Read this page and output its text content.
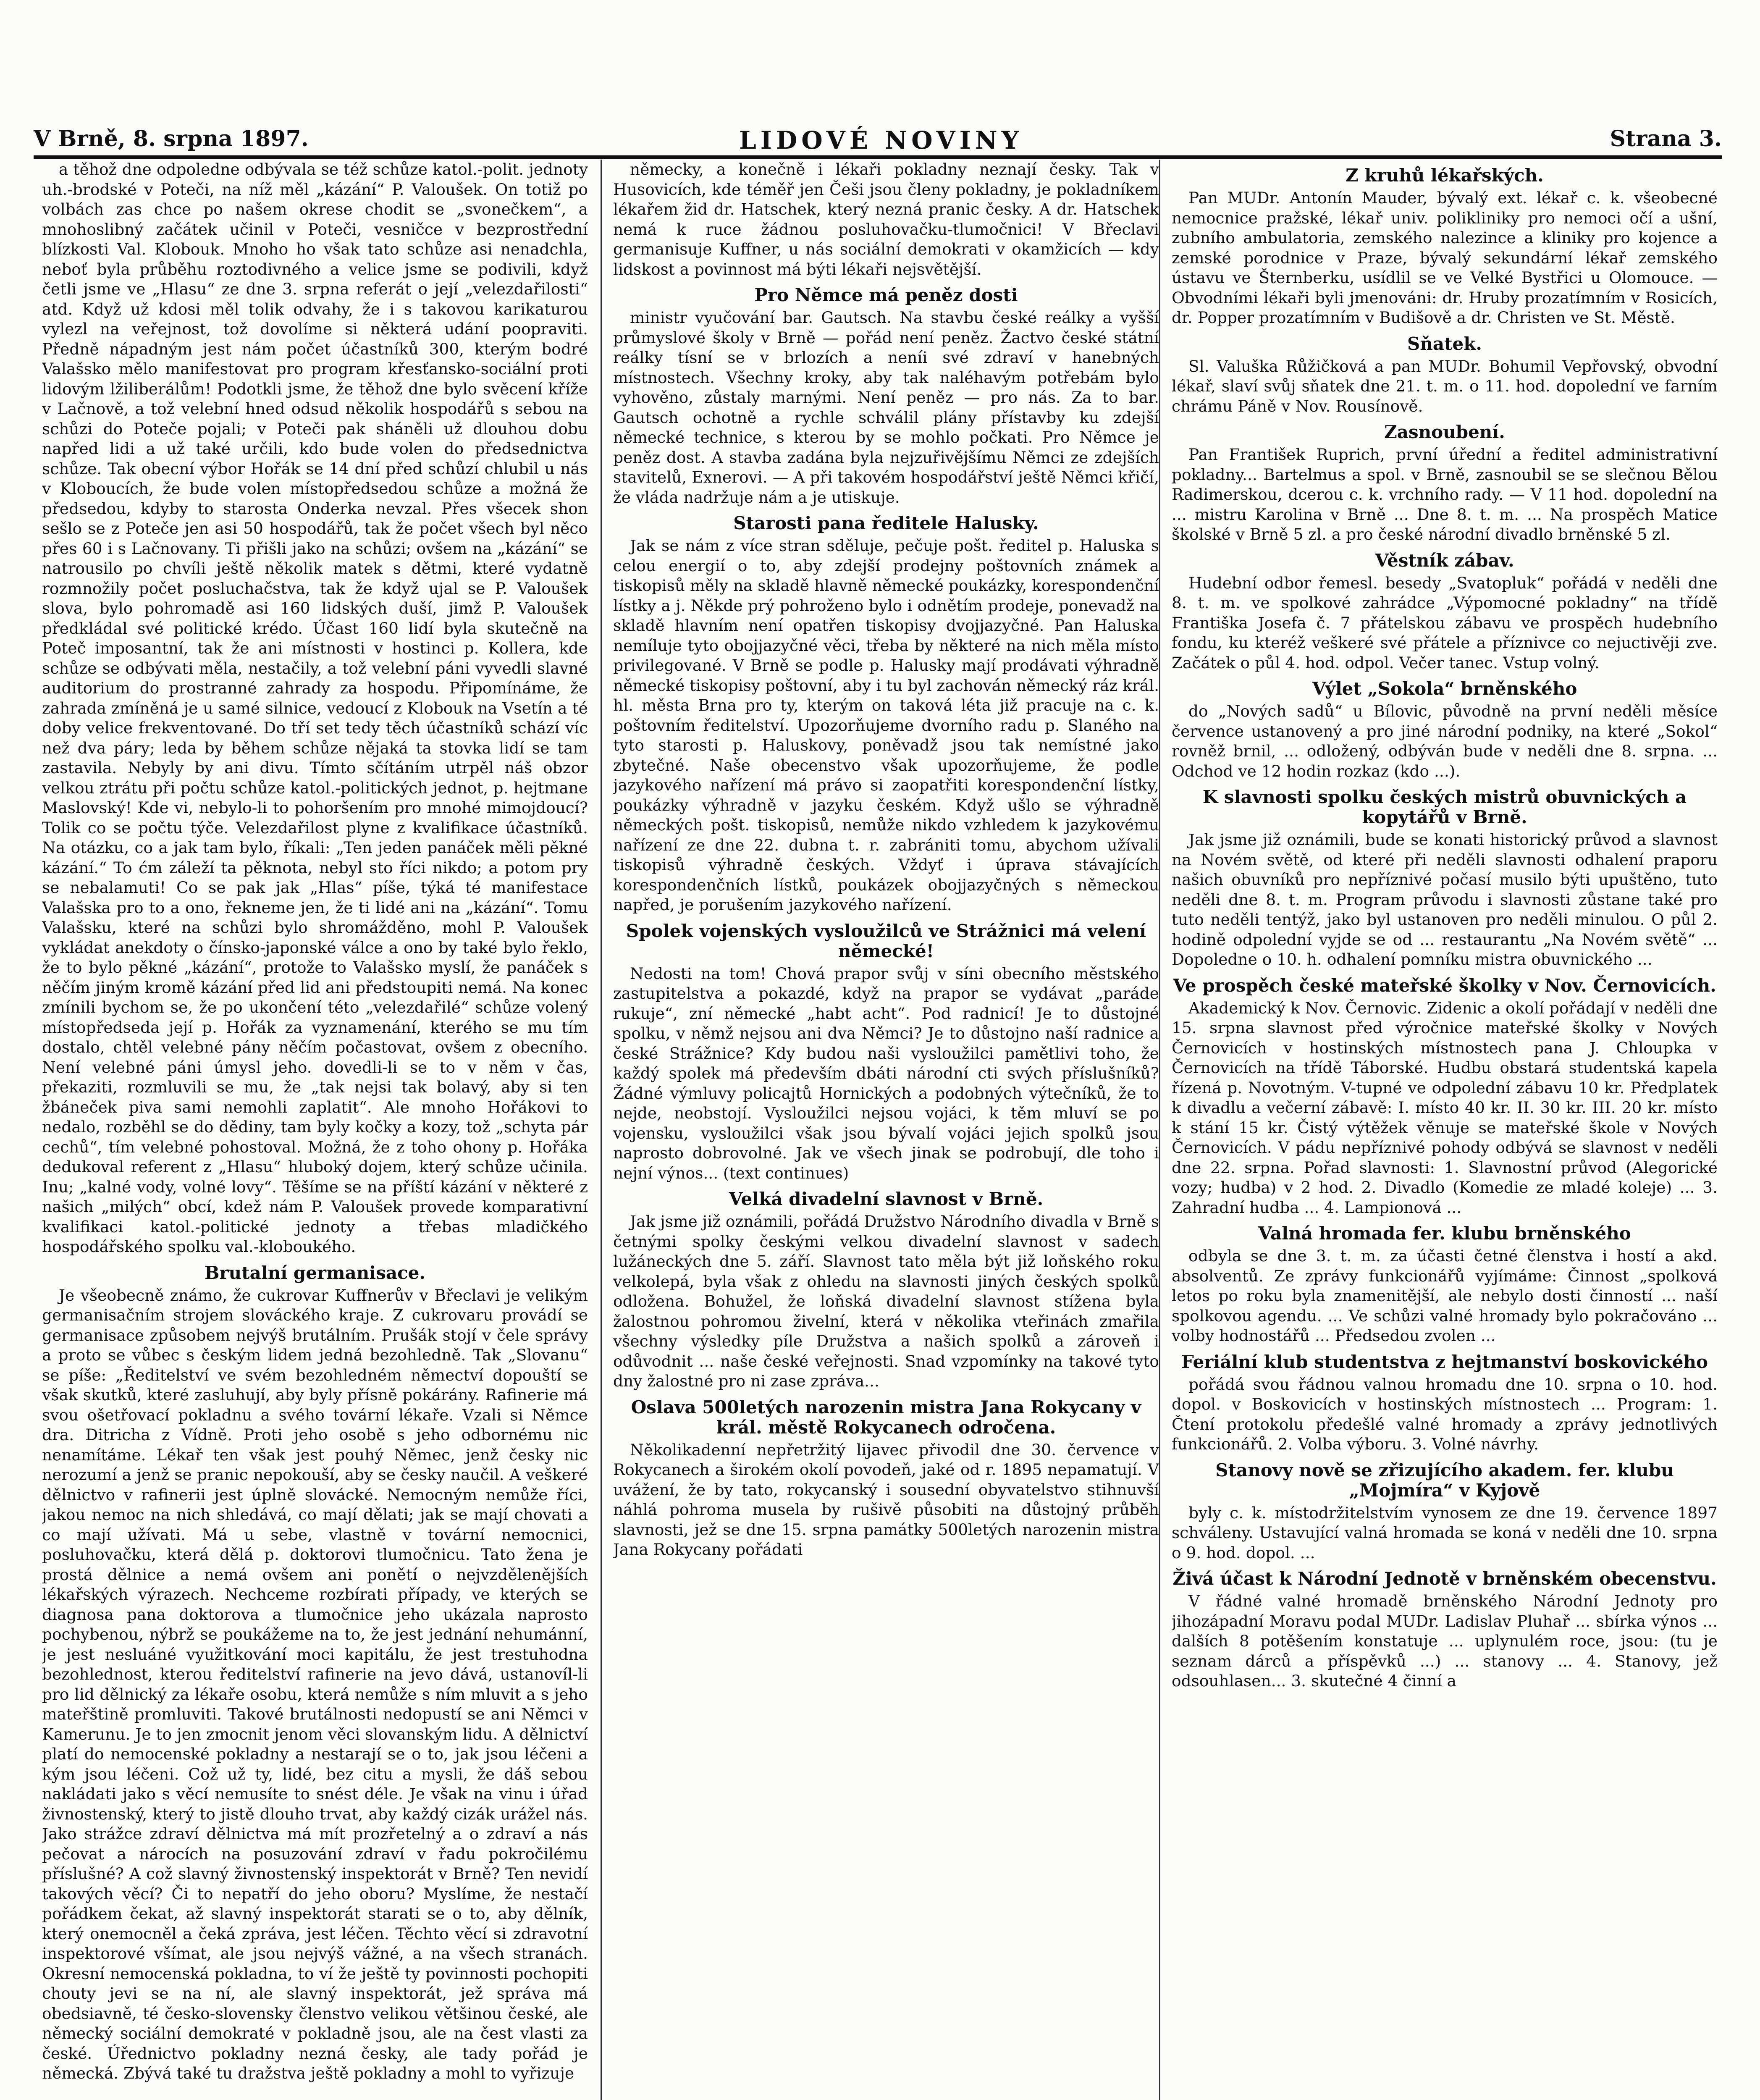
V Brně, 8. srpna 1897.	LIDOVÉ NOVINY	Strana 3.

a těhož dne odpoledne odbývala se též schůze katol.-polit. jednoty uh.-brodské v Poteči, na níž měl „kázání“ P. Valoušek. On totiž po volbách zas chce po našem okrese chodit se „svonečkem“, a mnohoslibný začátek učinil v Poteči, vesničce v bezprostřední blízkosti Val. Klobouk. Mnoho ho však tato schůze asi nenadchla, neboť byla průběhu roztodivného a velice jsme se podivili, když četli jsme ve „Hlasu“ ze dne 3. srpna referát o její „velezdařilosti“ atd. Když už kdosi měl tolik odvahy, že i s takovou karikaturou vylezl na veřejnost, tož dovolíme si některá udání poopraviti. Předně nápadným jest nám počet účastníků 300, kterým bodré Valašsko mělo manifestovat pro program křesťansko-sociální proti lidovým lžiliberálům! Podotkli jsme, že těhož dne bylo svěcení kříže v Lačnově, a tož velební hned odsud několik hospodářů s sebou na schůzi do Poteče pojali; v Poteči pak sháněli už dlouhou dobu napřed lidi a už také určili, kdo bude volen do předsednictva schůze. Tak obecní výbor Hořák se 14 dní před schůzí chlubil u nás v Kloboucích, že bude volen místopředsedou schůze a možná že předsedou, kdyby to starosta Onderka nevzal. Přes všecek shon sešlo se z Poteče jen asi 50 hospodářů, tak že počet všech byl něco přes 60 i s Lačnovany. Ti přišli jako na schůzi; ovšem na „kázání“ se natrousilo po chvíli ještě několik matek s dětmi, které vydatně rozmnožily počet posluchačstva, tak že když ujal se P. Valoušek slova, bylo pohromadě asi 160 lidských duší, jimž P. Valoušek předkládal své politické krédo. Účast 160 lidí byla skutečně na Poteč imposantní, tak že ani místnosti v hostinci p. Kollera, kde schůze se odbývati měla, nestačily, a tož velební páni vyvedli slavné auditorium do prostranné zahrady za hospodu. Připomínáme, že zahrada zmíněná je u samé silnice, vedoucí z Klobouk na Vsetín a té doby velice frekventované. Do tří set tedy těch účastníků schází víc než dva páry; leda by během schůze nějaká ta stovka lidí se tam zastavila. Nebyly by ani divu. Tímto sčítáním utrpěl náš obzor velkou ztrátu při počtu schůze katol.-politických jednot, p. hejtmane Maslovský! Kde vi, nebylo-li to pohoršením pro mnohé mimojdoucí? Tolik co se počtu týče. Velezdařilost plyne z kvalifikace účastníků. Na otázku, co a jak tam bylo, říkali: „Ten jeden panáček měli pěkné kázání.“ To ćm záleží ta pěknota, nebyl sto říci nikdo; a potom pry se nebalamuti! Co se pak jak „Hlas“ píše, týká té manifestace Valašska pro to a ono, řekneme jen, že ti lidé ani na „kázání“. Tomu Valašsku, které na schůzi bylo shromážděno, mohl P. Valoušek vykládat anekdoty o čínsko-japonské válce a ono by také bylo řeklo, že to bylo pěkné „kázání“, protože to Valašsko myslí, že panáček s něčím jiným kromě kázání před lid ani předstoupiti nemá. Na konec zmínili bychom se, že po ukončení této „velezdařilé“ schůze volený místopředseda její p. Hořák za vyznamenání, kterého se mu tím dostalo, chtěl velebné pány něčím počastovat, ovšem z obecního. Není velebné páni úmysl jeho. dovedli-li se to v něm v čas, překaziti, rozmluvili se mu, že „tak nejsi tak bolavý, aby si ten žbáneček piva sami nemohli zaplatit“. Ale mnoho Hořákovi to nedalo, rozběhl se do dědiny, tam byly kočky a kozy, tož „schyta pár cechů“, tím velebné pohostoval. Možná, že z toho ohony p. Hořáka dedukoval referent z „Hlasu“ hluboký dojem, který schůze učinila. Inu; „kalné vody, volné lovy“. Těšíme se na příští kázání v některé z našich „milých“ obcí, kdež nám P. Valoušek provede komparativní kvalifikaci katol.-politické jednoty a třebas mladičkého hospodářského spolku val.-kloboukého.

Brutalní germanisace.

Je všeobecně známo, že cukrovar Kuffnerův v Břeclavi je velikým germanisačním strojem slováckého kraje. Z cukrovaru provádí se germanisace způsobem nejvýš brutálním. Prušák stojí v čele správy a proto se vůbec s českým lidem jedná bezohledně. Tak „Slovanu“ se píše: „Ředitelství ve svém bezohledném němectví dopouští se však skutků, které zasluhují, aby byly přísně pokárány. Rafinerie má svou ošetřovací pokladnu a svého tovární lékaře. Vzali si Němce dra. Ditricha z Vídně. Proti jeho osobě s jeho odbornému nic nenamítáme. Lékař ten však jest pouhý Němec, jenž česky nic nerozumí a jenž se pranic nepokouší, aby se česky naučil. A veškeré dělnictvo v rafinerii jest úplně slovácké. Nemocným nemůže říci, jakou nemoc na nich shledává, co mají dělati; jak se mají chovati a co mají užívati. Má u sebe, vlastně v tovární nemocnici, posluhovačku, která dělá p. doktorovi tlumočnicu. Tato žena je prostá dělnice a nemá ovšem ani ponětí o nejvzdělenějších lékařských výrazech. Nechceme rozbírati případy, ve kterých se diagnosa pana doktorova a tlumočnice jeho ukázala naprosto pochybenou, nýbrž se poukážeme na to, že jest jednání nehumánní, je jest nesluáné využitkování moci kapitálu, že jest trestuhodna bezohlednost, kterou ředitelství rafinerie na jevo dává, ustanovíl-li pro lid dělnický za lékaře osobu, která nemůže s ním mluvit a s jeho mateřštině promluviti. Takové brutálnosti nedopustí se ani Němci v Kamerunu. Je to jen zmocnit jenom věci slovanským lidu. A dělnictví platí do nemocenské pokladny a nestarají se o to, jak jsou léčeni a kým jsou léčeni. Což už ty, lidé, bez citu a mysli, že dáš sebou nakládati jako s věcí nemusíte to snést déle. Je však na vinu i úřad živnostenský, který to jistě dlouho trvat, aby každý cizák urážel nás. Jako strážce zdraví dělnictva má mít prozřetelný a o zdraví a nás pečovat a nárocích na posuzování zdraví v řadu pokročilému příslušné? A což slavný živnostenský inspektorát v Brně? Ten nevidí takových věcí? Či to nepatří do jeho oboru? Myslíme, že nestačí pořádkem čekat, až slavný inspektorát starati se o to, aby dělník, který onemocněl a čeká zpráva, jest léčen. Těchto věcí si zdravotní inspektorové všímat, ale jsou nejvýš vážné, a na všech stranách. Okresní nemocenská pokladna, to ví že ještě ty povinnosti pochopiti chouty jevi se na ní, ale slavný inspektorát, jež správa má obedsiavně, té česko-slovensky členstvo velikou většinou české, ale německý sociální demokraté v pokladně jsou, ale na čest vlasti za české. Úřednictvo pokladny nezná česky, ale tady pořád je německá. Zbývá také tu dražstva ještě pokladny a mohl to vyřizuje

německy, a konečně i lékaři pokladny neznají česky. Tak v Husovicích, kde téměř jen Češi jsou členy pokladny, je pokladníkem lékařem žid dr. Hatschek, který nezná pranic česky. A dr. Hatschek nemá k ruce žádnou posluhovačku-tlumočnici! V Břeclavi germanisuje Kuffner, u nás sociální demokrati v okamžicích — kdy lidskost a povinnost má býti lékaři nejsvětější.

Pro Němce má peněz dosti

ministr vyučování bar. Gautsch. Na stavbu české reálky a vyšší průmyslové školy v Brně — pořád není peněz. Žactvo české státní reálky tísní se v brlozích a neníi své zdraví v hanebných místnostech. Všechny kroky, aby tak naléhavým potřebám bylo vyhověno, zůstaly marnými. Není peněz — pro nás. Za to bar. Gautsch ochotně a rychle schválil plány přístavby ku zdejší německé technice, s kterou by se mohlo počkati. Pro Němce je peněz dost. A stavba zadána byla nejzuřivějšímu Němci ze zdejších stavitelů, Exnerovi. — A při takovém hospodářství ještě Němci křičí, že vláda nadržuje nám a je utiskuje.

Starosti pana ředitele Halusky.

Jak se nám z více stran sděluje, pečuje pošt. ředitel p. Haluska s celou energií o to, aby zdejší prodejny poštovních známek a tiskopisů měly na skladě hlavně německé poukázky, korespondenční lístky a j. Někde prý pohroženo bylo i odnětím prodeje, ponevadž na skladě hlavním není opatřen tiskopisy dvojjazyčné. Pan Haluska nemíluje tyto obojjazyčné věci, třeba by některé na nich měla místo privilegované. V Brně se podle p. Halusky mají prodávati výhradně německé tiskopisy poštovní, aby i tu byl zachován německý ráz král. hl. města Brna pro ty, kterým on taková léta již pracuje na c. k. poštovním ředitelství. Upozorňujeme dvorního radu p. Slaného na tyto starosti p. Haluskovy, poněvadž jsou tak nemístné jako zbytečné. Naše obecenstvo však upozorňujeme, že podle jazykového nařízení má právo si zaopatřiti korespondenční lístky, poukázky výhradně v jazyku českém. Když ušlo se výhradně německých pošt. tiskopisů, nemůže nikdo vzhledem k jazykovému nařízení ze dne 22. dubna t. r. zabrániti tomu, abychom užívali tiskopisů výhradně českých. Vždyť i úprava stávajících korespondenčních lístků, poukázek obojjazyčných s německou napřed, je porušením jazykového nařízení.

Spolek vojenských vysloužilců ve Strážnici má velení německé!

Nedosti na tom! Chová prapor svůj v síni obecního městského zastupitelstva a pokazdé, když na prapor se vydávat „paráde rukuje“, zní německé „habt acht“. Pod radnicí! Je to důstojné spolku, v němž nejsou ani dva Němci? Je to důstojno naší radnice a české Strážnice? Kdy budou naši vysloužilci pamětlivi toho, že každý spolek má především dbáti národní cti svých příslušníků? Žádné výmluvy policajtů Hornických a podobných výtečníků, že to nejde, neobstojí. Vysloužilci nejsou vojáci, k těm mluví se po vojensku, vysloužilci však jsou bývalí vojáci jejich spolků jsou naprosto dobrovolné. Jak ve všech jinak se podrobují, dle toho i nejní výnos... (text continues)

Velká divadelní slavnost v Brně.

Jak jsme již oznámili, pořádá Družstvo Národního divadla v Brně s četnými spolky českými velkou divadelní slavnost v sadech lužáneckých dne 5. září. Slavnost tato měla být již loňského roku velkolepá, byla však z ohledu na slavnosti jiných českých spolků odložena. Bohužel, že loňská divadelní slavnost stížena byla žalostnou pohromou živelní, která v několika vteřinách zmařila všechny výsledky píle Družstva a našich spolků a zároveň i odůvodnit ... naše české veřejnosti. Snad vzpomínky na takové tyto dny žalostné pro ni zase zpráva...

Oslava 500letých narozenin mistra Jana Rokycany v král. městě Rokycanech odročena.

Několikadenní nepřetržitý lijavec přivodil dne 30. července v Rokycanech a širokém okolí povodeň, jaké od r. 1895 nepamatují. V uvážení, že by tato, rokycanský i sousední obyvatelstvo stihnuvší náhlá pohroma musela by rušivě působiti na důstojný průběh slavnosti, jež se dne 15. srpna památky 500letých narozenin mistra Jana Rokycany pořádati

Z kruhů lékařských.

Pan MUDr. Antonín Mauder, bývalý ext. lékař c. k. všeobecné nemocnice pražské, lékař univ. polikliniky pro nemoci očí a ušní, zubního ambulatoria, zemského nalezince a kliniky pro kojence a zemské porodnice v Praze, bývalý sekundární lékař zemského ústavu ve Šternberku, usídlil se ve Velké Bystřici u Olomouce. — Obvodními lékaři byli jmenováni: dr. Hruby prozatímním v Rosicích, dr. Popper prozatímním v Budišově a dr. Christen ve St. Městě.

Sňatek.

Sl. Valuška Růžičková a pan MUDr. Bohumil Vepřovský, obvodní lékař, slaví svůj sňatek dne 21. t. m. o 11. hod. dopolední ve farním chrámu Páně v Nov. Rousínově.

Zasnoubení.

Pan František Ruprich, první úřední a ředitel administrativní pokladny... Bartelmus a spol. v Brně, zasnoubil se se slečnou Bělou Radimerskou, dcerou c. k. vrchního rady. — V 11 hod. dopolední na ... mistru Karolina v Brně ... Dne 8. t. m. ... Na prospěch Matice školské v Brně 5 zl. a pro české národní divadlo brněnské 5 zl.

Věstník zábav.

Hudební odbor řemesl. besedy „Svatopluk“ pořádá v neděli dne 8. t. m. ve spolkové zahrádce „Výpomocné pokladny“ na třídě Františka Josefa č. 7 přátelskou zábavu ve prospěch hudebního fondu, ku kteréž veškeré své přátele a příznivce co nejuctivěji zve. Začátek o půl 4. hod. odpol. Večer tanec. Vstup volný.

Výlet „Sokola“ brněnského

do „Nových sadů“ u Bílovic, původně na první neděli měsíce července ustanovený a pro jiné národní podniky, na které „Sokol“ rovněž brnil, ... odložený, odbýván bude v neděli dne 8. srpna. ... Odchod ve 12 hodin rozkaz (kdo ...).

K slavnosti spolku českých mistrů obuvnických a kopytářů v Brně.

Jak jsme již oznámili, bude se konati historický průvod a slavnost na Novém světě, od které při neděli slavnosti odhalení praporu našich obuvníků pro nepříznivé počasí musilo býti upuštěno, tuto neděli dne 8. t. m. Program průvodu i slavnosti zůstane také pro tuto neděli tentýž, jako byl ustanoven pro neděli minulou. O půl 2. hodině odpolední vyjde se od ... restaurantu „Na Novém světě“ ... Dopoledne o 10. h. odhalení pomníku mistra obuvnického ...

Ve prospěch české mateřské školky v Nov. Černovicích.

Akademický k Nov. Černovic. Zidenic a okolí pořádají v neděli dne 15. srpna slavnost před výročnice mateřské školky v Nových Černovicích v hostinských místnostech pana J. Chloupka v Černovicích na třídě Táborské. Hudbu obstará studentská kapela řízená p. Novotným. V-tupné ve odpolední zábavu 10 kr. Předplatek k divadlu a večerní zábavě: I. místo 40 kr. II. 30 kr. III. 20 kr. místo k stání 15 kr. Čistý výtěžek věnuje se mateřské škole v Nových Černovicích. V pádu nepříznivé pohody odbývá se slavnost v neděli dne 22. srpna. Pořad slavnosti: 1. Slavnostní průvod (Alegorické vozy; hudba) v 2 hod. 2. Divadlo (Komedie ze mladé koleje) ... 3. Zahradní hudba ... 4. Lampionová ...

Valná hromada fer. klubu brněnského

odbyla se dne 3. t. m. za účasti četné členstva i hostí a akd. absolventů. Ze zprávy funkcionářů vyjímáme: Činnost „spolková letos po roku byla znamenitější, ale nebylo dosti činností ... naší spolkovou agendu. ... Ve schůzi valné hromady bylo pokračováno ... volby hodnostářů ... Předsedou zvolen ...

Feriální klub studentstva z hejtmanství boskovického

pořádá svou řádnou valnou hromadu dne 10. srpna o 10. hod. dopol. v Boskovicích v hostinských místnostech ... Program: 1. Čtení protokolu předešlé valné hromady a zprávy jednotlivých funkcionářů. 2. Volba výboru. 3. Volné návrhy.

Stanovy nově se zřizujícího akadem. fer. klubu „Mojmíra“ v Kyjově

byly c. k. místodržitelstvím vynosem ze dne 19. července 1897 schváleny. Ustavující valná hromada se koná v neděli dne 10. srpna o 9. hod. dopol. ...

Živá účast k Národní Jednotě v brněnském obecenstvu.

V řádné valné hromadě brněnského Národní Jednoty pro jihozápadní Moravu podal MUDr. Ladislav Pluhař ... sbírka výnos ... dalších 8 potěšením konstatuje ... uplynulém roce, jsou: (tu je seznam dárců a příspěvků ...) ... stanovy ... 4. Stanovy, jež odsouhlasen... 3. skutečné 4 činní a
